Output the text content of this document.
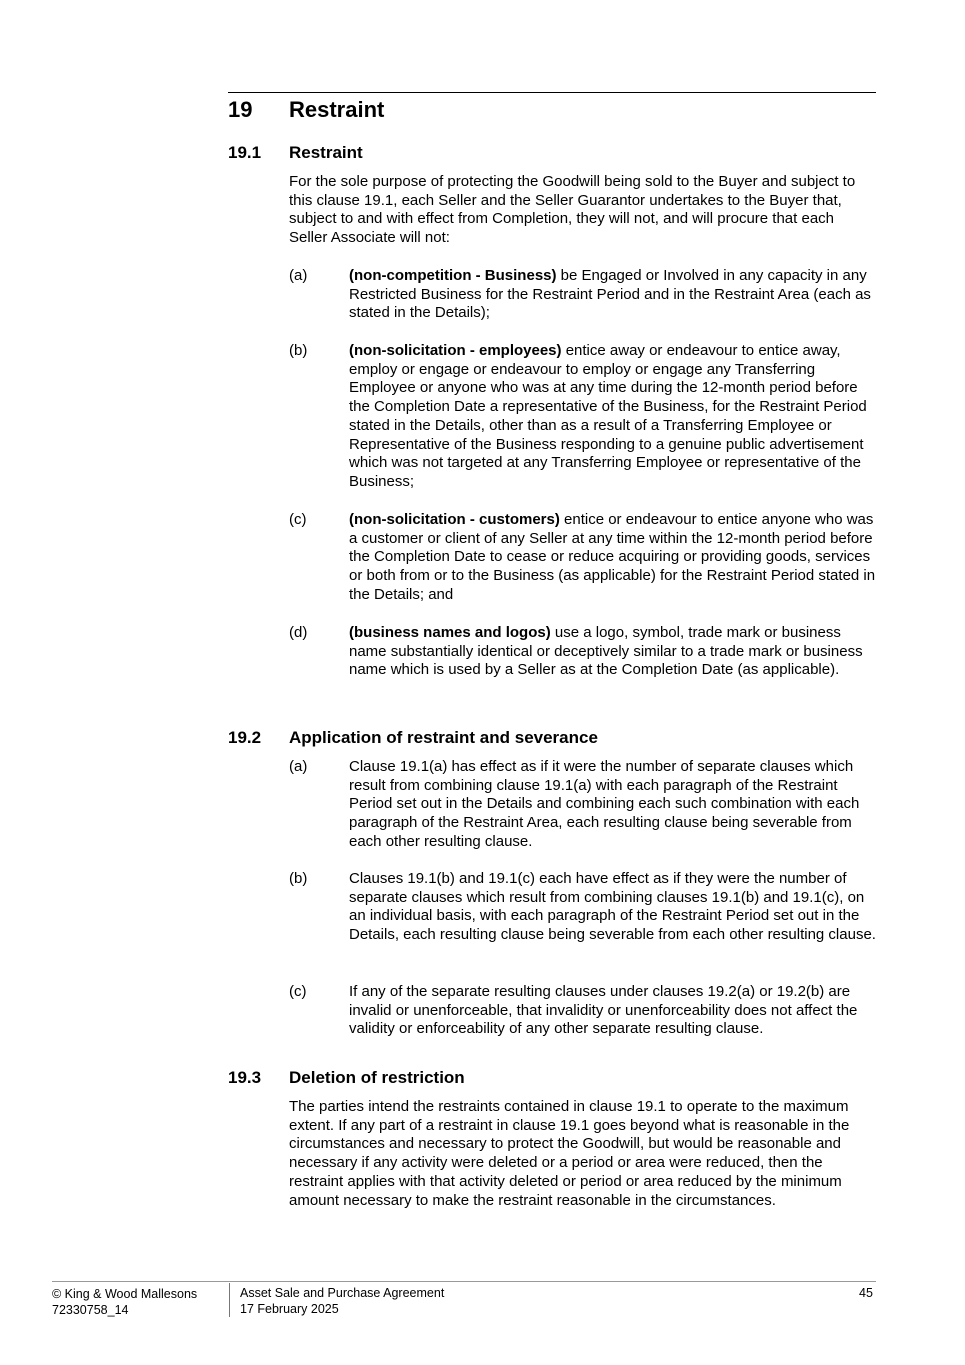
19 Restraint
19.1 Restraint
For the sole purpose of protecting the Goodwill being sold to the Buyer and subject to this clause 19.1, each Seller and the Seller Guarantor undertakes to the Buyer that, subject to and with effect from Completion, they will not, and will procure that each Seller Associate will not:
(a)	(non-competition - Business) be Engaged or Involved in any capacity in any Restricted Business for the Restraint Period and in the Restraint Area (each as stated in the Details);
(b)	(non-solicitation - employees) entice away or endeavour to entice away, employ or engage or endeavour to employ or engage any Transferring Employee or anyone who was at any time during the 12-month period before the Completion Date a representative of the Business, for the Restraint Period stated in the Details, other than as a result of a Transferring Employee or Representative of the Business responding to a genuine public advertisement which was not targeted at any Transferring Employee or representative of the Business;
(c)	(non-solicitation - customers) entice or endeavour to entice anyone who was a customer or client of any Seller at any time within the 12-month period before the Completion Date to cease or reduce acquiring or providing goods, services or both from or to the Business (as applicable) for the Restraint Period stated in the Details; and
(d)	(business names and logos) use a logo, symbol, trade mark or business name substantially identical or deceptively similar to a trade mark or business name which is used by a Seller as at the Completion Date (as applicable).
19.2 Application of restraint and severance
(a)	Clause 19.1(a) has effect as if it were the number of separate clauses which result from combining clause 19.1(a) with each paragraph of the Restraint Period set out in the Details and combining each such combination with each paragraph of the Restraint Area, each resulting clause being severable from each other resulting clause.
(b)	Clauses 19.1(b) and 19.1(c) each have effect as if they were the number of separate clauses which result from combining clauses 19.1(b) and 19.1(c), on an individual basis, with each paragraph of the Restraint Period set out in the Details, each resulting clause being severable from each other resulting clause.
(c)	If any of the separate resulting clauses under clauses 19.2(a) or 19.2(b) are invalid or unenforceable, that invalidity or unenforceability does not affect the validity or enforceability of any other separate resulting clause.
19.3 Deletion of restriction
The parties intend the restraints contained in clause 19.1 to operate to the maximum extent. If any part of a restraint in clause 19.1 goes beyond what is reasonable in the circumstances and necessary to protect the Goodwill, but would be reasonable and necessary if any activity were deleted or a period or area were reduced, then the restraint applies with that activity deleted or period or area reduced by the minimum amount necessary to make the restraint reasonable in the circumstances.
© King & Wood Mallesons
72330758_14
Asset Sale and Purchase Agreement
17 February 2025
45
